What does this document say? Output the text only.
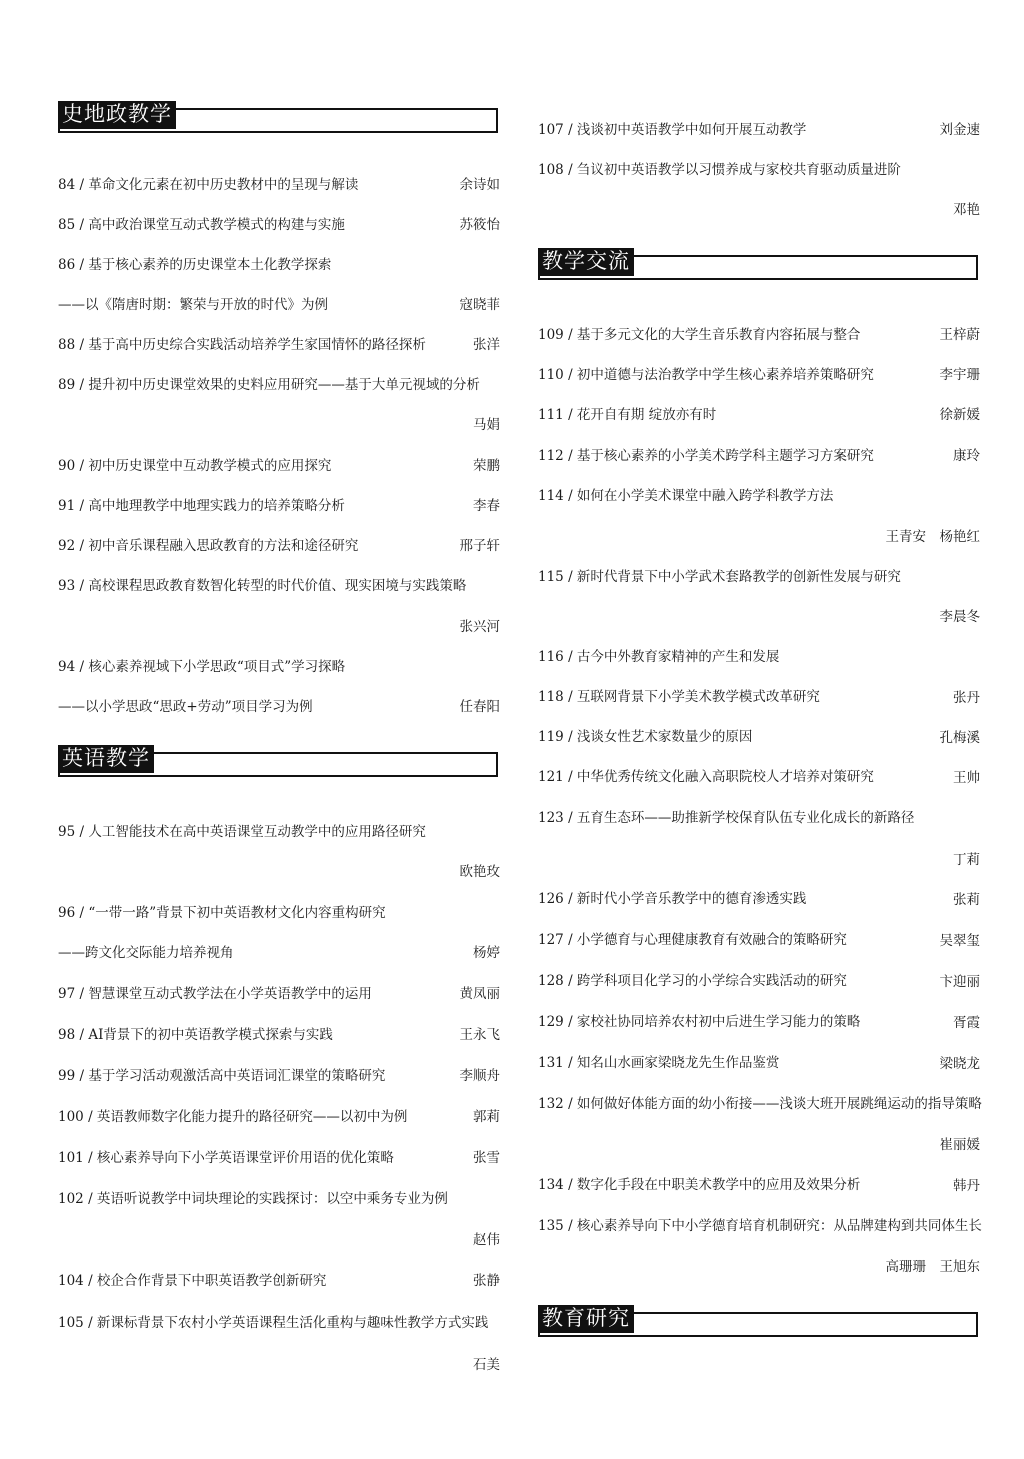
史地政教学
84 / 革命文化元素在初中历史教材中的呈现与解读	余诗如
85 / 高中政治课堂互动式教学模式的构建与实施	苏筱怡
86 / 基于核心素养的历史课堂本土化教学探索
——以《隋唐时期：繁荣与开放的时代》为例	寇晓菲
88 / 基于高中历史综合实践活动培养学生家国情怀的路径探析	张洋
89 / 提升初中历史课堂效果的史料应用研究——基于大单元视域的分析
马娟
90 / 初中历史课堂中互动教学模式的应用探究	荣鹏
91 / 高中地理教学中地理实践力的培养策略分析	李春
92 / 初中音乐课程融入思政教育的方法和途径研究	邢子轩
93 / 高校课程思政教育数智化转型的时代价值、现实困境与实践策略
张兴河
94 / 核心素养视域下小学思政“项目式”学习探略
——以小学思政“思政+劳动”项目学习为例	任春阳
英语教学
95 / 人工智能技术在高中英语课堂互动教学中的应用路径研究
欧艳玫
96 / “一带一路”背景下初中英语教材文化内容重构研究
——跨文化交际能力培养视角	杨婷
97 / 智慧课堂互动式教学法在小学英语教学中的运用	黄凤丽
98 / AI背景下的初中英语教学模式探索与实践	王永飞
99 / 基于学习活动观激活高中英语词汇课堂的策略研究	李顺舟
100 / 英语教师数字化能力提升的路径研究——以初中为例	郭莉
101 / 核心素养导向下小学英语课堂评价用语的优化策略	张雪
102 / 英语听说教学中词块理论的实践探讨：以空中乘务专业为例
赵伟
104 / 校企合作背景下中职英语教学创新研究	张静
105 / 新课标背景下农村小学英语课程生活化重构与趣味性教学方式实践
石美
107 / 浅谈初中英语教学中如何开展互动教学	刘金速
108 / 刍议初中英语教学以习惯养成与家校共育驱动质量进阶
邓艳
教学交流
109 / 基于多元文化的大学生音乐教育内容拓展与整合	王梓蔚
110 / 初中道德与法治教学中学生核心素养培养策略研究	李宇珊
111 / 花开自有期 绽放亦有时	徐新媛
112 / 基于核心素养的小学美术跨学科主题学习方案研究	康玲
114 / 如何在小学美术课堂中融入跨学科教学方法
王青安　杨艳红
115 / 新时代背景下中小学武术套路教学的创新性发展与研究
李晨冬
116 / 古今中外教育家精神的产生和发展
118 / 互联网背景下小学美术教学模式改革研究	张丹
119 / 浅谈女性艺术家数量少的原因	孔梅溪
121 / 中华优秀传统文化融入高职院校人才培养对策研究	王帅
123 / 五育生态环——助推新学校保育队伍专业化成长的新路径
丁莉
126 / 新时代小学音乐教学中的德育渗透实践	张莉
127 / 小学德育与心理健康教育有效融合的策略研究	吴翠玺
128 / 跨学科项目化学习的小学综合实践活动的研究	卞迎丽
129 / 家校社协同培养农村初中后进生学习能力的策略	胥霞
131 / 知名山水画家梁晓龙先生作品鉴赏	梁晓龙
132 / 如何做好体能方面的幼小衔接——浅谈大班开展跳绳运动的指导策略
崔丽媛
134 / 数字化手段在中职美术教学中的应用及效果分析	韩丹
135 / 核心素养导向下中小学德育培育机制研究：从品牌建构到共同体生长
高珊珊　王旭东
教育研究
